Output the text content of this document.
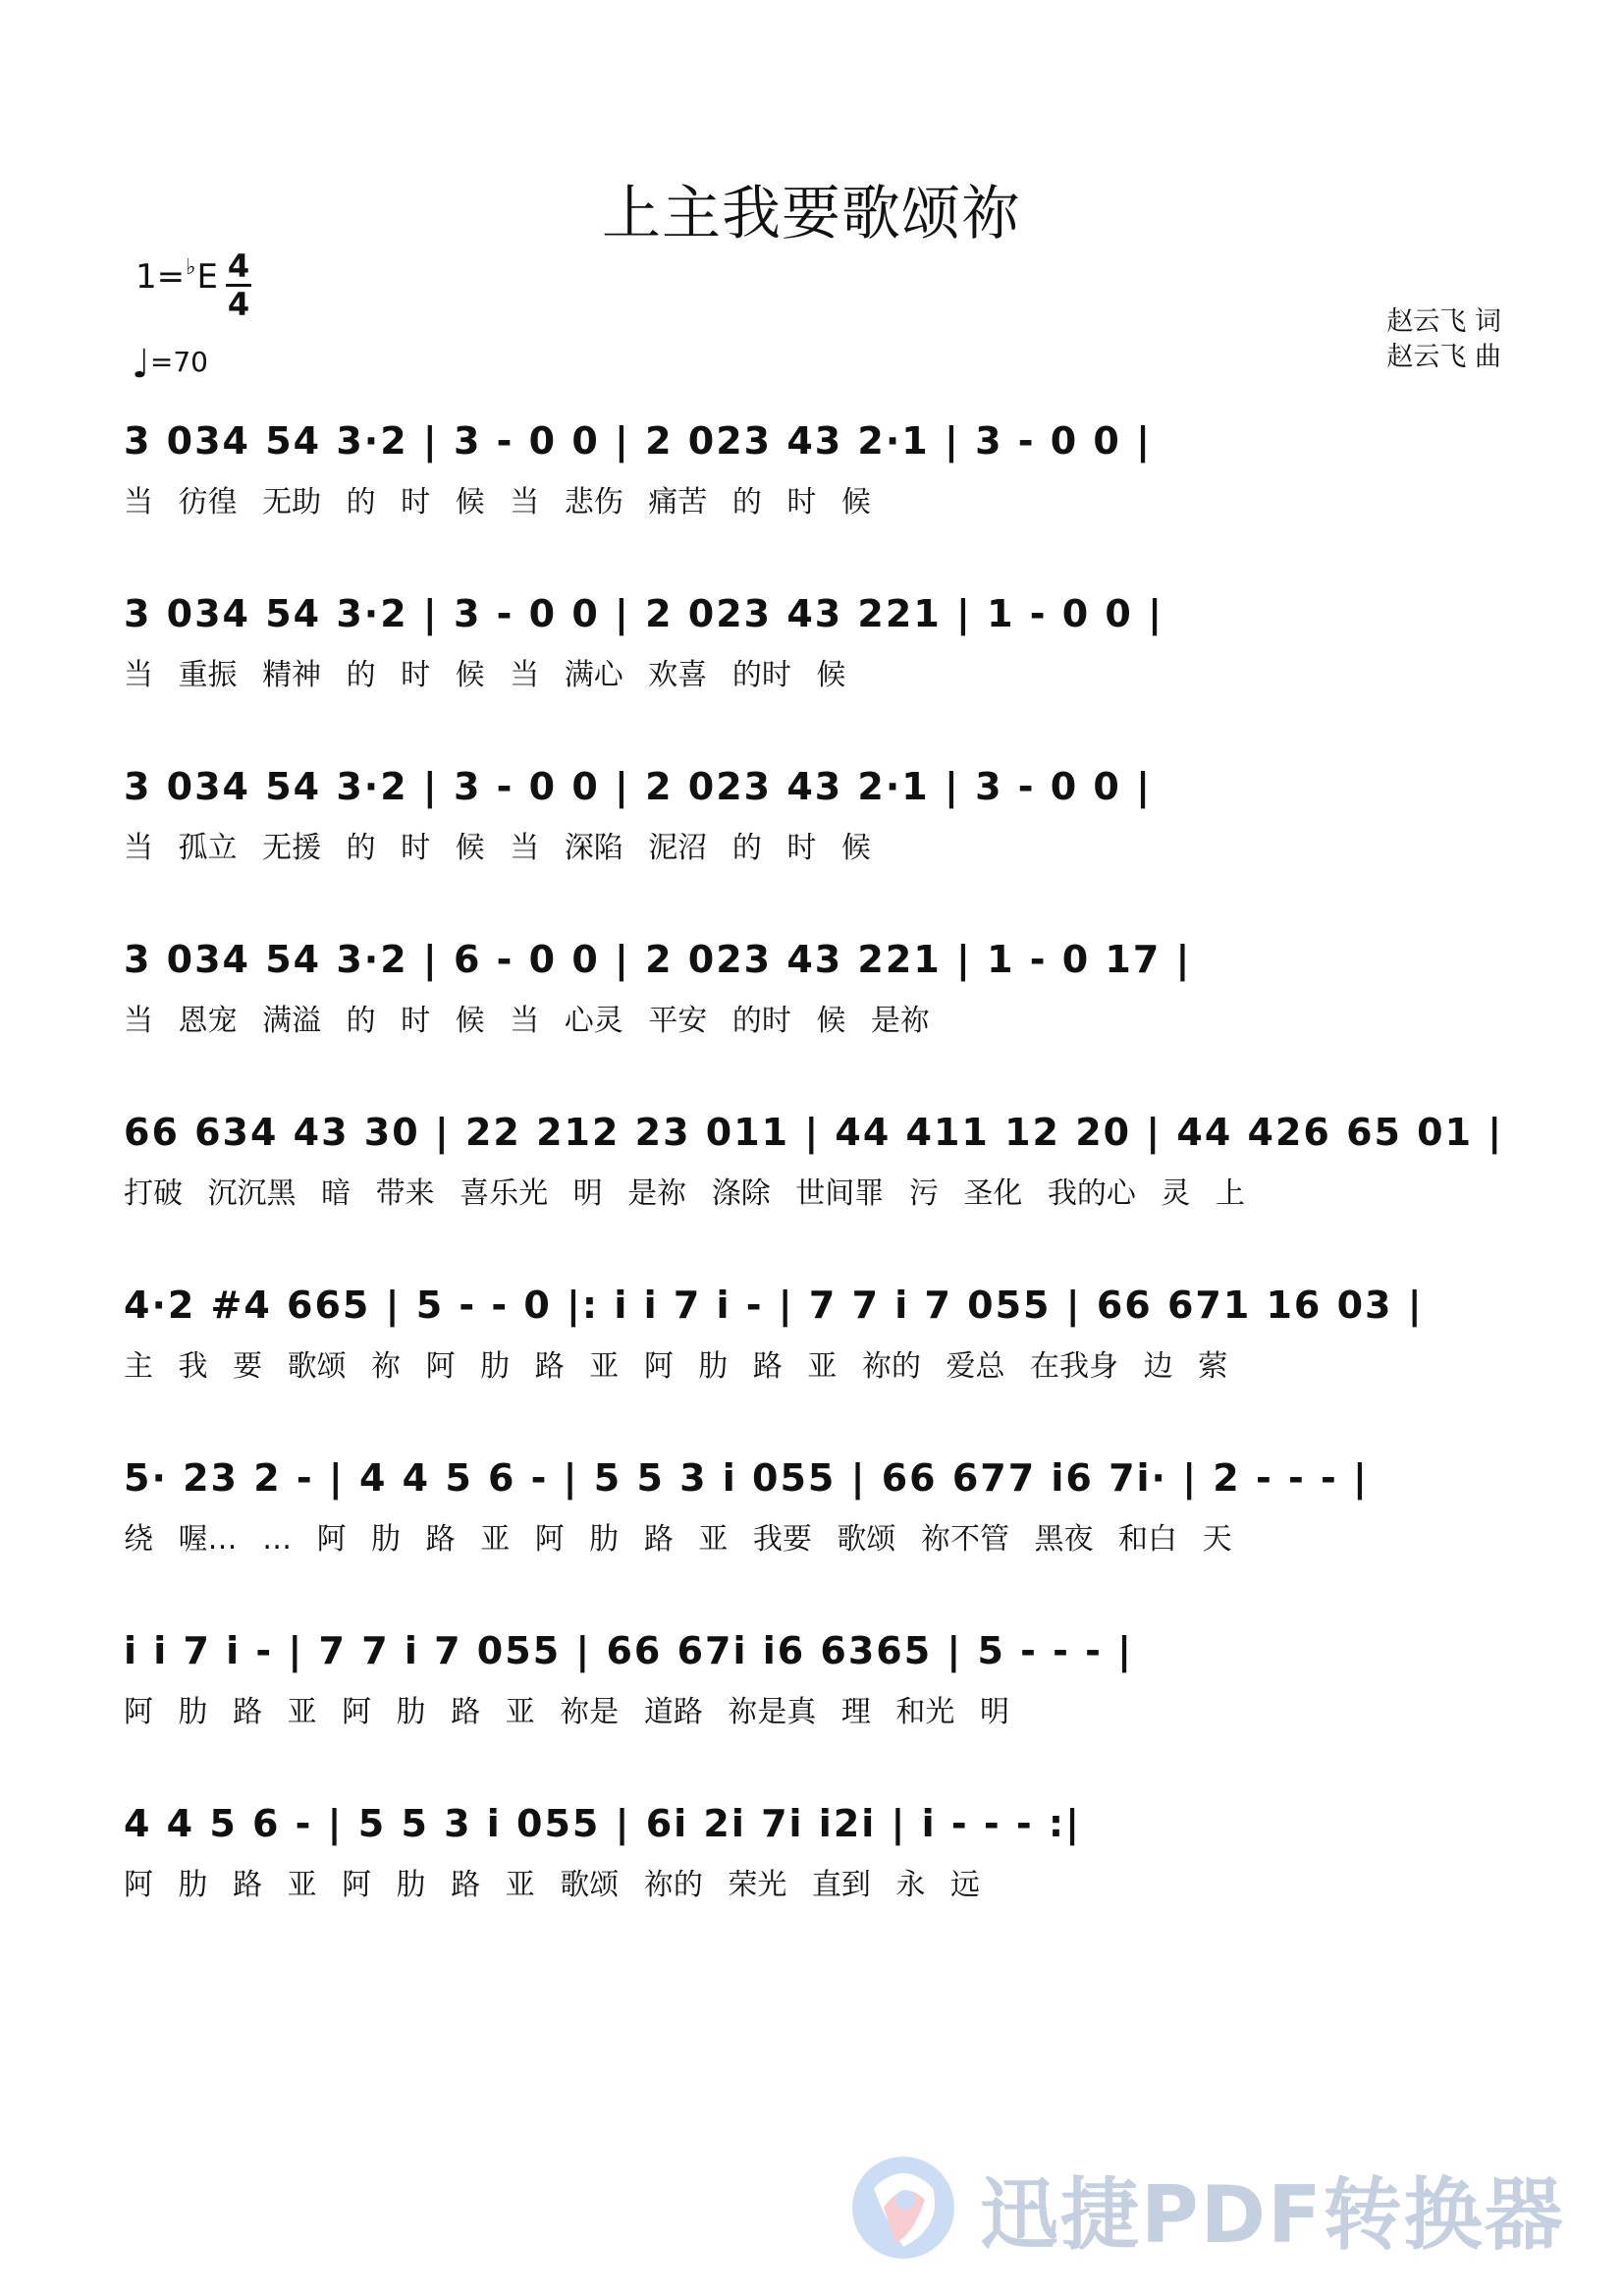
上主我要歌颂祢
1=♭E 4
4
♩=70
赵云飞 词
赵云飞 曲
3 034 54 3·2 | 3 - 0 0 | 2 023 43 2·1 | 3 - 0 0 |
当 彷徨 无助 的 时 候 当 悲伤 痛苦 的 时 候
3 034 54 3·2 | 3 - 0 0 | 2 023 43 221 | 1 - 0 0 |
当 重振 精神 的 时 候 当 满心 欢喜 的时 候
3 034 54 3·2 | 3 - 0 0 | 2 023 43 2·1 | 3 - 0 0 |
当 孤立 无援 的 时 候 当 深陷 泥沼 的 时 候
3 034 54 3·2 | 6 - 0 0 | 2 023 43 221 | 1 - 0 17 |
当 恩宠 满溢 的 时 候 当 心灵 平安 的时 候 是祢
66 634 43 30 | 22 212 23 011 | 44 411 12 20 | 44 426 65 01 |
打破 沉沉黑 暗 带来 喜乐光 明 是祢 涤除 世间罪 污 圣化 我的心 灵 上
4·2 #4 665 | 5 - - 0 |: i i 7 i - | 7 7 i 7 055 | 66 671 16 03 |
主 我 要 歌颂 祢 阿 肋 路 亚 阿 肋 路 亚 祢的 爱总 在我身 边 萦
5· 23 2 - | 4 4 5 6 - | 5 5 3 i 055 | 66 677 i6 7i· | 2 - - - |
绕 喔… … 阿 肋 路 亚 阿 肋 路 亚 我要 歌颂 祢不管 黑夜 和白 天
i i 7 i - | 7 7 i 7 055 | 66 67i i6 6365 | 5 - - - |
阿 肋 路 亚 阿 肋 路 亚 祢是 道路 祢是真 理 和光 明
4 4 5 6 - | 5 5 3 i 055 | 6i 2i 7i i2i | i - - - :|
阿 肋 路 亚 阿 肋 路 亚 歌颂 祢的 荣光 直到 永 远
迅捷PDF转换器
